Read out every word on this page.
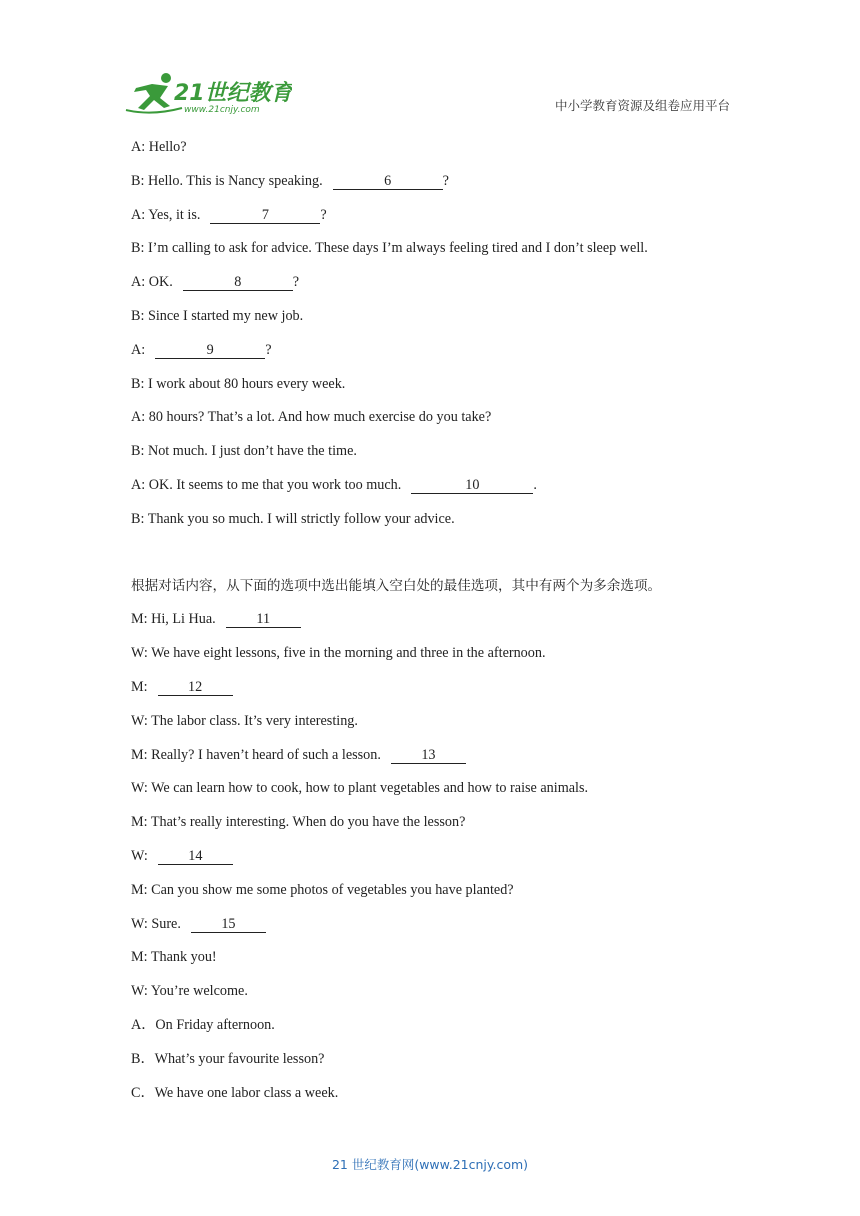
21世纪教育
www.21cnjy.com	中小学教育资源及组卷应用平台
A: Hello?
B: Hello. This is Nancy speaking.	6	?
A: Yes, it is.	7	?
B: I’m calling to ask for advice. These days I’m always feeling tired and I don’t sleep well.
A: OK.	8	?
B: Since I started my new job.
A:	9	?
B: I work about 80 hours every week.
A: 80 hours? That’s a lot. And how much exercise do you take?
B: Not much. I just don’t have the time.
A: OK. It seems to me that you work too much.	10	.
B: Thank you so much. I will strictly follow your advice.
根据对话内容，从下面的选项中选出能填入空白处的最佳选项，其中有两个为多余选项。
M: Hi, Li Hua.	11
W: We have eight lessons, five in the morning and three in the afternoon.
M:	12
W: The labor class. It’s very interesting.
M: Really? I haven’t heard of such a lesson.	13
W: We can learn how to cook, how to plant vegetables and how to raise animals.
M: That’s really interesting. When do you have the lesson?
W:	14
M: Can you show me some photos of vegetables you have planted?
W: Sure.	15
M: Thank you!
W: You’re welcome.
A．On Friday afternoon.
B．What’s your favourite lesson?
C．We have one labor class a week.
21 世纪教育网(www.21cnjy.com)
